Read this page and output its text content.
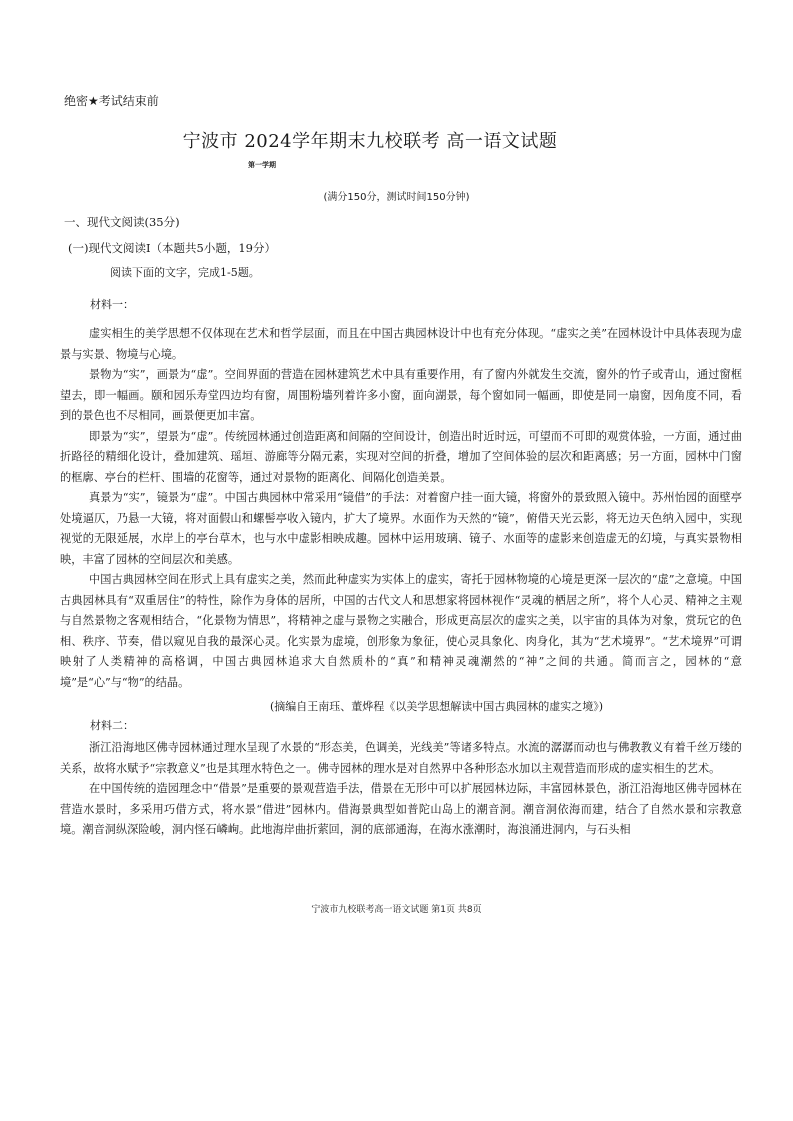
绝密★考试结束前
宁波市 2024学年期末九校联考 高一语文试题
第一学期
(满分150分，测试时间150分钟)
一、现代文阅读(35分)
(一)现代文阅读Ⅰ（本题共5小题，19分）
阅读下面的文字，完成1-5题。
材料一：

虚实相生的美学思想不仅体现在艺术和哲学层面，而且在中国古典园林设计中也有充分体现。“虚实之美”在园林设计中具体表现为虚景与实景、物境与心境。

景物为“实”，画景为“虚”。空间界面的营造在园林建筑艺术中具有重要作用，有了窗内外就发生交流，窗外的竹子或青山，通过窗框望去，即一幅画。颐和园乐寿堂四边均有窗，周围粉墙列着许多小窗，面向湖景，每个窗如同一幅画，即使是同一扇窗，因角度不同，看到的景色也不尽相同，画景便更加丰富。

即景为“实”，望景为“虚”。传统园林通过创造距离和间隔的空间设计，创造出时近时远，可望而不可即的观赏体验，一方面，通过曲折路径的精细化设计，叠加建筑、瑶垣、游廊等分隔元素，实现对空间的折叠，增加了空间体验的层次和距离感；另一方面，园林中门窗的框廓、亭台的栏杆、围墙的花窗等，通过对景物的距离化、间隔化创造美景。

真景为“实”，镜景为“虚”。中国古典园林中常采用“镜借”的手法：对着窗户挂一面大镜，将窗外的景致照入镜中。苏州怡园的面壁亭处境逼仄，乃悬一大镜，将对面假山和螺髻亭收入镜内，扩大了境界。水面作为天然的“镜”，俯借天光云影，将无边天色纳入园中，实现视觉的无限延展，水岸上的亭台草木，也与水中虚影相映成趣。园林中运用玻璃、镜子、水面等的虚影来创造虚无的幻境，与真实景物相映，丰富了园林的空间层次和美感。

中国古典园林空间在形式上具有虚实之美，然而此种虚实为实体上的虚实，寄托于园林物境的心境是更深一层次的“虚”之意境。中国古典园林具有“双重居住”的特性，除作为身体的居所，中国的古代文人和思想家将园林视作“灵魂的栖居之所”，将个人心灵、精神之主观与自然景物之客观相结合，“化景物为情思”，将精神之虚与景物之实融合，形成更高层次的虚实之美，以宇宙的具体为对象，赏玩它的色相、秩序、节奏，借以窥见自我的最深心灵。化实景为虚境，创形象为象征，使心灵具象化、肉身化，其为“艺术境界”。“艺术境界”可谓映射了人类精神的高格调，中国古典园林追求大自然质朴的“真”和精神灵魂潮然的“神”之间的共通。简而言之，园林的“意境”是“心”与“物”的结晶。

(摘编自王南珏、董烨程《以美学思想解读中国古典园林的虚实之境》)
材料二：

浙江沿海地区佛寺园林通过理水呈现了水景的“形态美，色调美，光线美”等诸多特点。水流的潺潺而动也与佛教教义有着千丝万缕的关系，故将水赋予“宗教意义”也是其理水特色之一。佛寺园林的理水是对自然界中各种形态水加以主观营造而形成的虚实相生的艺术。

在中国传统的造园理念中“借景”是重要的景观营造手法，借景在无形中可以扩展园林边际，丰富园林景色，浙江沿海地区佛寺园林在营造水景时，多采用巧借方式，将水景“借进”园林内。借海景典型如普陀山岛上的潮音洞。潮音洞依海而建，结合了自然水景和宗教意境。潮音洞纵深险峻，洞内怪石嶙峋。此地海岸曲折萦回，洞的底部通海，在海水涨潮时，海浪涌进洞内，与石头相

宁波市九校联考高一语文试题 第1页 共8页
